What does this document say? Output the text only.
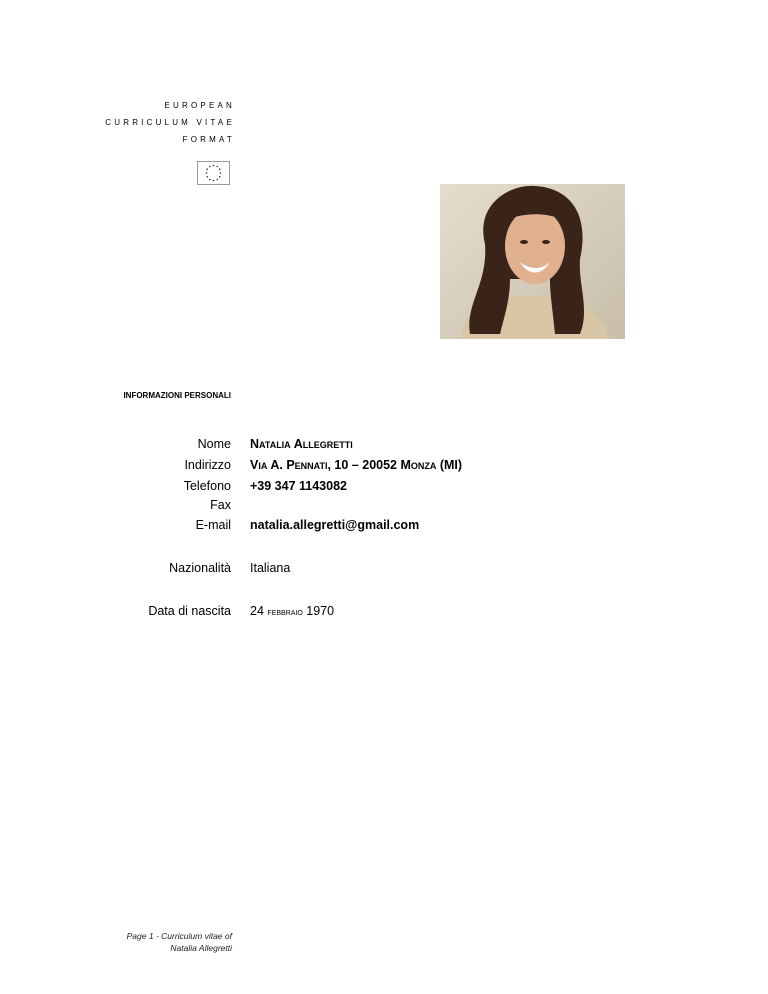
EUROPEAN
CURRICULUM VITAE
FORMAT
INFORMAZIONI PERSONALI
Nome Natalia Allegretti
Indirizzo Via A. Pennati, 10 – 20052 Monza (MI)
Telefono +39 347 1143082
Fax
E-mail natalia.allegretti@gmail.com
Nazionalità Italiana
Data di nascita 24 febbraio 1970
Page 1 - Curriculum vitae of
Natalia Allegretti
